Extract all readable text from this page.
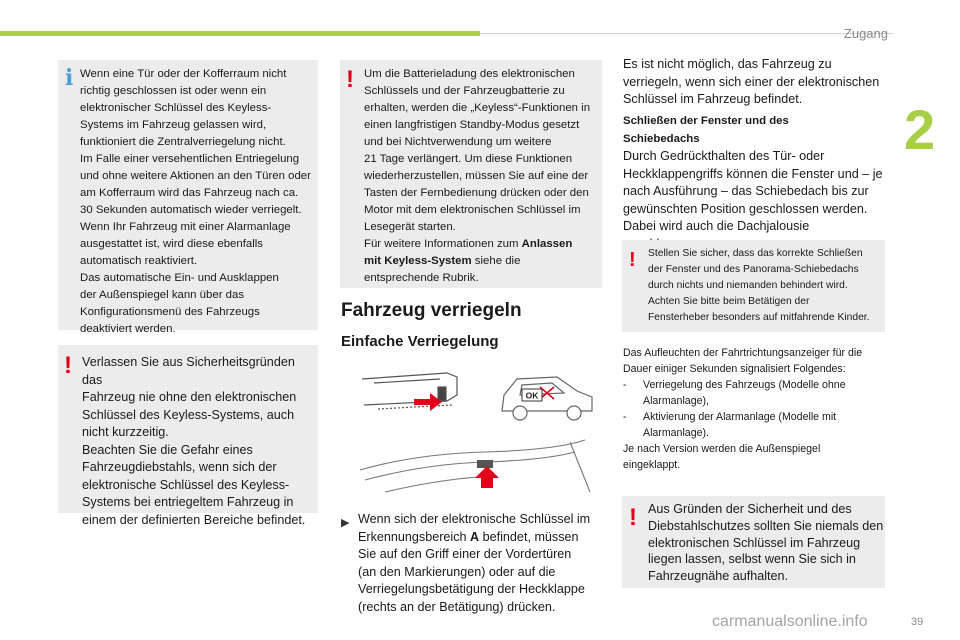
Zugang
2
i Wenn eine Tür oder der Kofferraum nicht
richtig geschlossen ist oder wenn ein
elektronischer Schlüssel des Keyless-
Systems im Fahrzeug gelassen wird,
funktioniert die Zentralverriegelung nicht.
Im Falle einer versehentlichen Entriegelung
und ohne weitere Aktionen an den Türen oder
am Kofferraum wird das Fahrzeug nach ca.
30 Sekunden automatisch wieder verriegelt.
Wenn Ihr Fahrzeug mit einer Alarmanlage
ausgestattet ist, wird diese ebenfalls
automatisch reaktiviert.
Das automatische Ein- und Ausklappen
der Außenspiegel kann über das
Konfigurationsmenü des Fahrzeugs
deaktiviert werden.
! Verlassen Sie aus Sicherheitsgründen das
Fahrzeug nie ohne den elektronischen
Schlüssel des Keyless-Systems, auch
nicht kurzzeitig.
Beachten Sie die Gefahr eines
Fahrzeugdiebstahls, wenn sich der
elektronische Schlüssel des Keyless-
Systems bei entriegeltem Fahrzeug in
einem der definierten Bereiche befindet.
! Um die Batterieladung des elektronischen
Schlüssels und der Fahrzeugbatterie zu
erhalten, werden die „Keyless“-Funktionen in
einen langfristigen Standby-Modus gesetzt
und bei Nichtverwendung um weitere
21 Tage verlängert. Um diese Funktionen
wiederherzustellen, müssen Sie auf eine der
Tasten der Fernbedienung drücken oder den
Motor mit dem elektronischen Schlüssel im
Lesegerät starten.
Für weitere Informationen zum Anlassen
mit Keyless-System siehe die
entsprechende Rubrik.
Fahrzeug verriegeln
Einfache Verriegelung
OK
▶ Wenn sich der elektronische Schlüssel im
Erkennungsbereich A befindet, müssen
Sie auf den Griff einer der Vordertüren
(an den Markierungen) oder auf die
Verriegelungsbetätigung der Heckklappe
(rechts an der Betätigung) drücken.

Es ist nicht möglich, das Fahrzeug zu

verriegeln, wenn sich einer der elektronischen

Schlüssel im Fahrzeug befindet.

Schließen der Fenster und des

Schiebedachs

Durch Gedrückthalten des Tür- oder

Heckklappengriffs können die Fenster und – je

nach Ausführung – das Schiebedach bis zur

gewünschten Position geschlossen werden.

Dabei wird auch die Dachjalousie

! Stellen Sie sicher, dass das korrekte Schließen
der Fenster und des Panorama-Schiebedachs
durch nichts und niemanden behindert wird.
Achten Sie bitte beim Betätigen der
Fensterheber besonders auf mitfahrende Kinder.

Das Aufleuchten der Fahrtrichtungsanzeiger für die

Dauer einiger Sekunden signalisiert Folgendes:

-	Verriegelung des Fahrzeugs (Modelle ohne
Alarmanlage),
-	Aktivierung der Alarmanlage (Modelle mit
Alarmanlage).

Je nach Version werden die Außenspiegel

eingeklappt.

! Aus Gründen der Sicherheit und des
Diebstahlschutzes sollten Sie niemals den
elektronischen Schlüssel im Fahrzeug
liegen lassen, selbst wenn Sie sich in
Fahrzeugnähe aufhalten.
carmanualsonline.info	39
